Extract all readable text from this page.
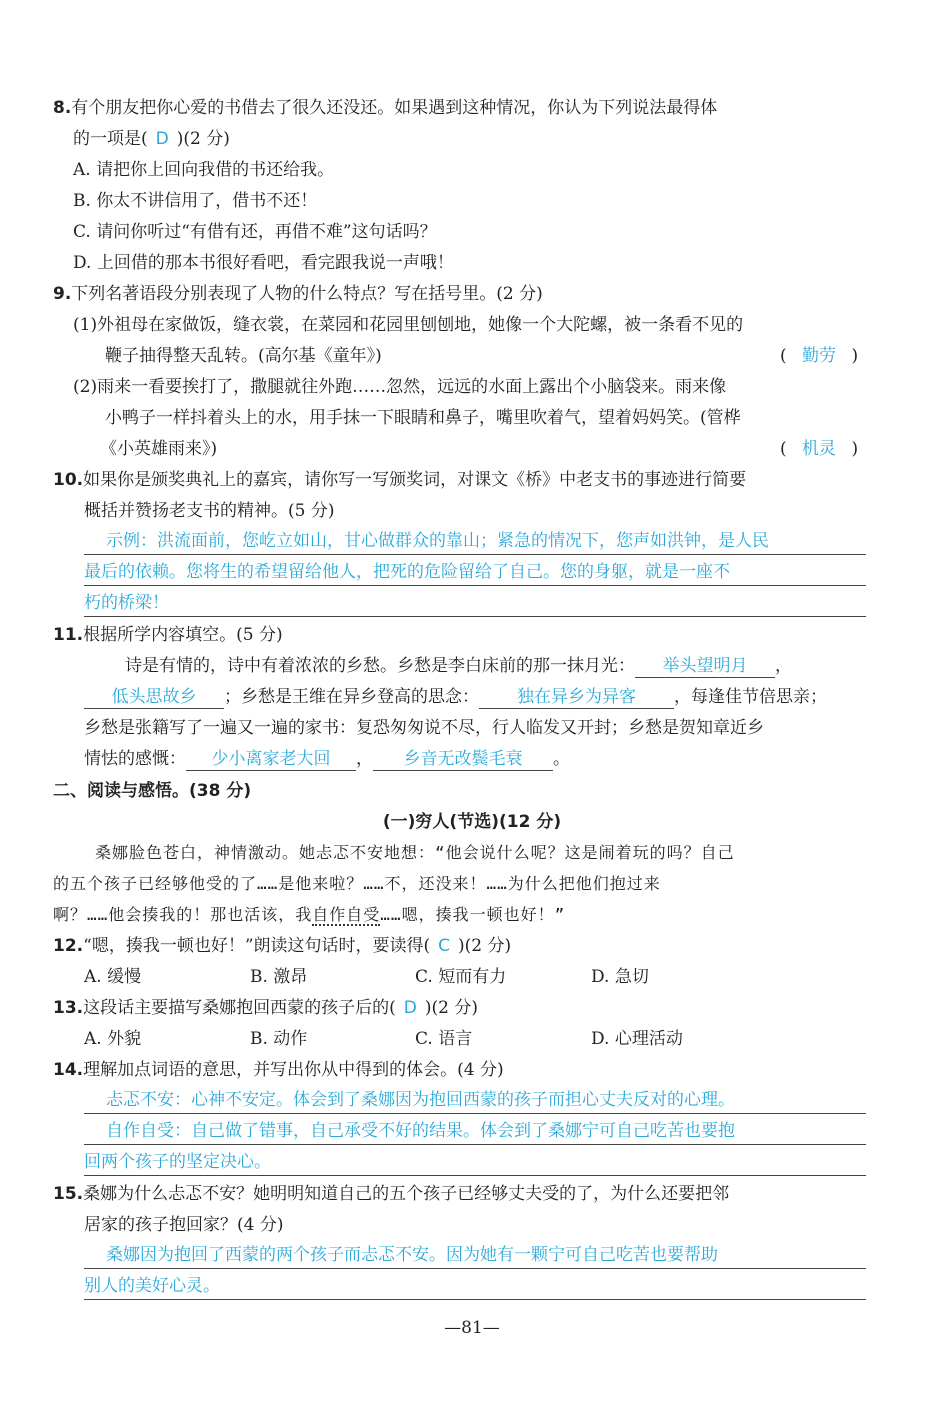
8.有个朋友把你心爱的书借去了很久还没还。如果遇到这种情况，你认为下列说法最得体
的一项是( D )(2 分)
A. 请把你上回向我借的书还给我。
B. 你太不讲信用了，借书不还！
C. 请问你听过“有借有还，再借不难”这句话吗？
D. 上回借的那本书很好看吧，看完跟我说一声哦！
9.下列名著语段分别表现了人物的什么特点？写在括号里。(2 分)
(1)外祖母在家做饭，缝衣裳，在菜园和花园里刨刨地，她像一个大陀螺，被一条看不见的
鞭子抽得整天乱转。(高尔基《童年》)	( 勤劳 )
(2)雨来一看要挨打了，撒腿就往外跑……忽然，远远的水面上露出个小脑袋来。雨来像
小鸭子一样抖着头上的水，用手抹一下眼睛和鼻子，嘴里吹着气，望着妈妈笑。(管桦
《小英雄雨来》)	( 机灵 )
10.如果你是颁奖典礼上的嘉宾，请你写一写颁奖词，对课文《桥》中老支书的事迹进行简要
概括并赞扬老支书的精神。(5 分)
示例：洪流面前，您屹立如山，甘心做群众的靠山；紧急的情况下，您声如洪钟，是人民
最后的依赖。您将生的希望留给他人，把死的危险留给了自己。您的身躯，就是一座不
朽的桥梁！
11.根据所学内容填空。(5 分)
诗是有情的，诗中有着浓浓的乡愁。乡愁是李白床前的那一抹月光： 举头望明月 ，
低头思故乡 ；乡愁是王维在异乡登高的思念： 独在异乡为异客 ，每逢佳节倍思亲；
乡愁是张籍写了一遍又一遍的家书：复恐匆匆说不尽，行人临发又开封；乡愁是贺知章近乡
情怯的感慨： 少小离家老大回 ， 乡音无改鬓毛衰 。
二、阅读与感悟。(38 分)
(一)穷人(节选)(12 分)
桑娜脸色苍白，神情激动。她忐忑不安地想：“他会说什么呢？这是闹着玩的吗？自己
的五个孩子已经够他受的了……是他来啦？……不，还没来！……为什么把他们抱过来
啊？……他会揍我的！那也活该，我自作自受……嗯，揍我一顿也好！”
12.“嗯，揍我一顿也好！”朗读这句话时，要读得( C )(2 分)
A. 缓慢	B. 激昂	C. 短而有力	D. 急切
13.这段话主要描写桑娜抱回西蒙的孩子后的( D )(2 分)
A. 外貌	B. 动作	C. 语言	D. 心理活动
14.理解加点词语的意思，并写出你从中得到的体会。(4 分)
忐忑不安：心神不安定。体会到了桑娜因为抱回西蒙的孩子而担心丈夫反对的心理。
自作自受：自己做了错事，自己承受不好的结果。体会到了桑娜宁可自己吃苦也要抱
回两个孩子的坚定决心。
15.桑娜为什么忐忑不安？她明明知道自己的五个孩子已经够丈夫受的了，为什么还要把邻
居家的孩子抱回家？(4 分)
桑娜因为抱回了西蒙的两个孩子而忐忑不安。因为她有一颗宁可自己吃苦也要帮助
别人的美好心灵。
—81—
